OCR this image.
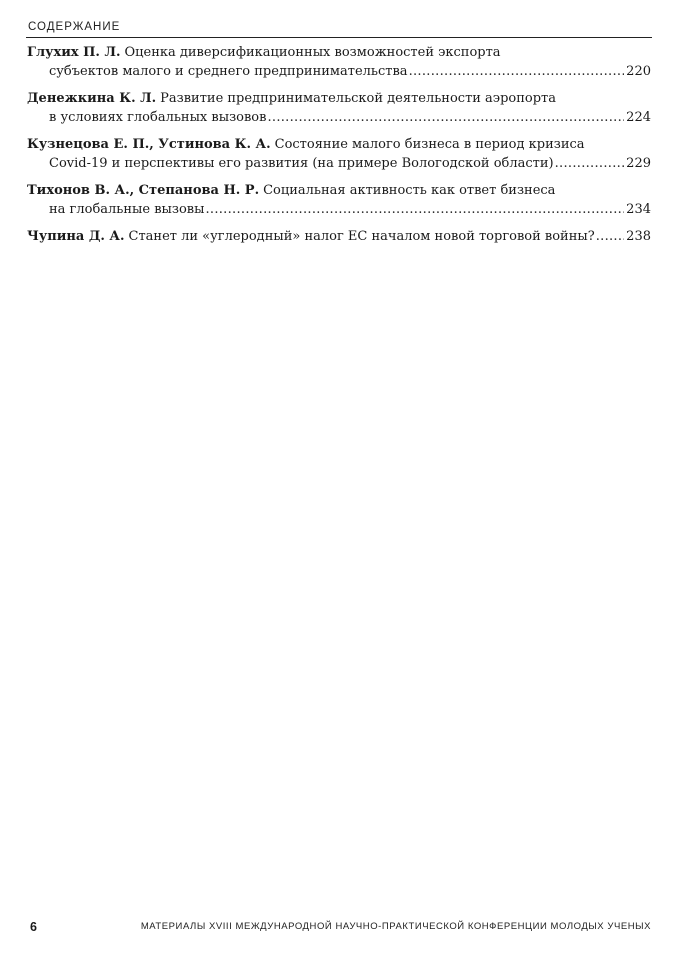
СОДЕРЖАНИЕ
Глухих П. Л. Оценка диверсификационных возможностей экспорта
субъектов малого и среднего предпринимательства .....	220
Денежкина К. Л. Развитие предпринимательской деятельности аэропорта
в условиях глобальных вызовов .....	224
Кузнецова Е. П., Устинова К. А. Состояние малого бизнеса в период кризиса
Covid-19 и перспективы его развития (на примере Вологодской области) .....	229
Тихонов В. А., Степанова Н. Р. Социальная активность как ответ бизнеса
на глобальные вызовы .....	234
Чупина Д. А. Станет ли «углеродный» налог ЕС началом новой торговой войны? ..... 238
6	МАТЕРИАЛЫ XVIII МЕЖДУНАРОДНОЙ НАУЧНО-ПРАКТИЧЕСКОЙ КОНФЕРЕНЦИИ МОЛОДЫХ УЧЕНЫХ
